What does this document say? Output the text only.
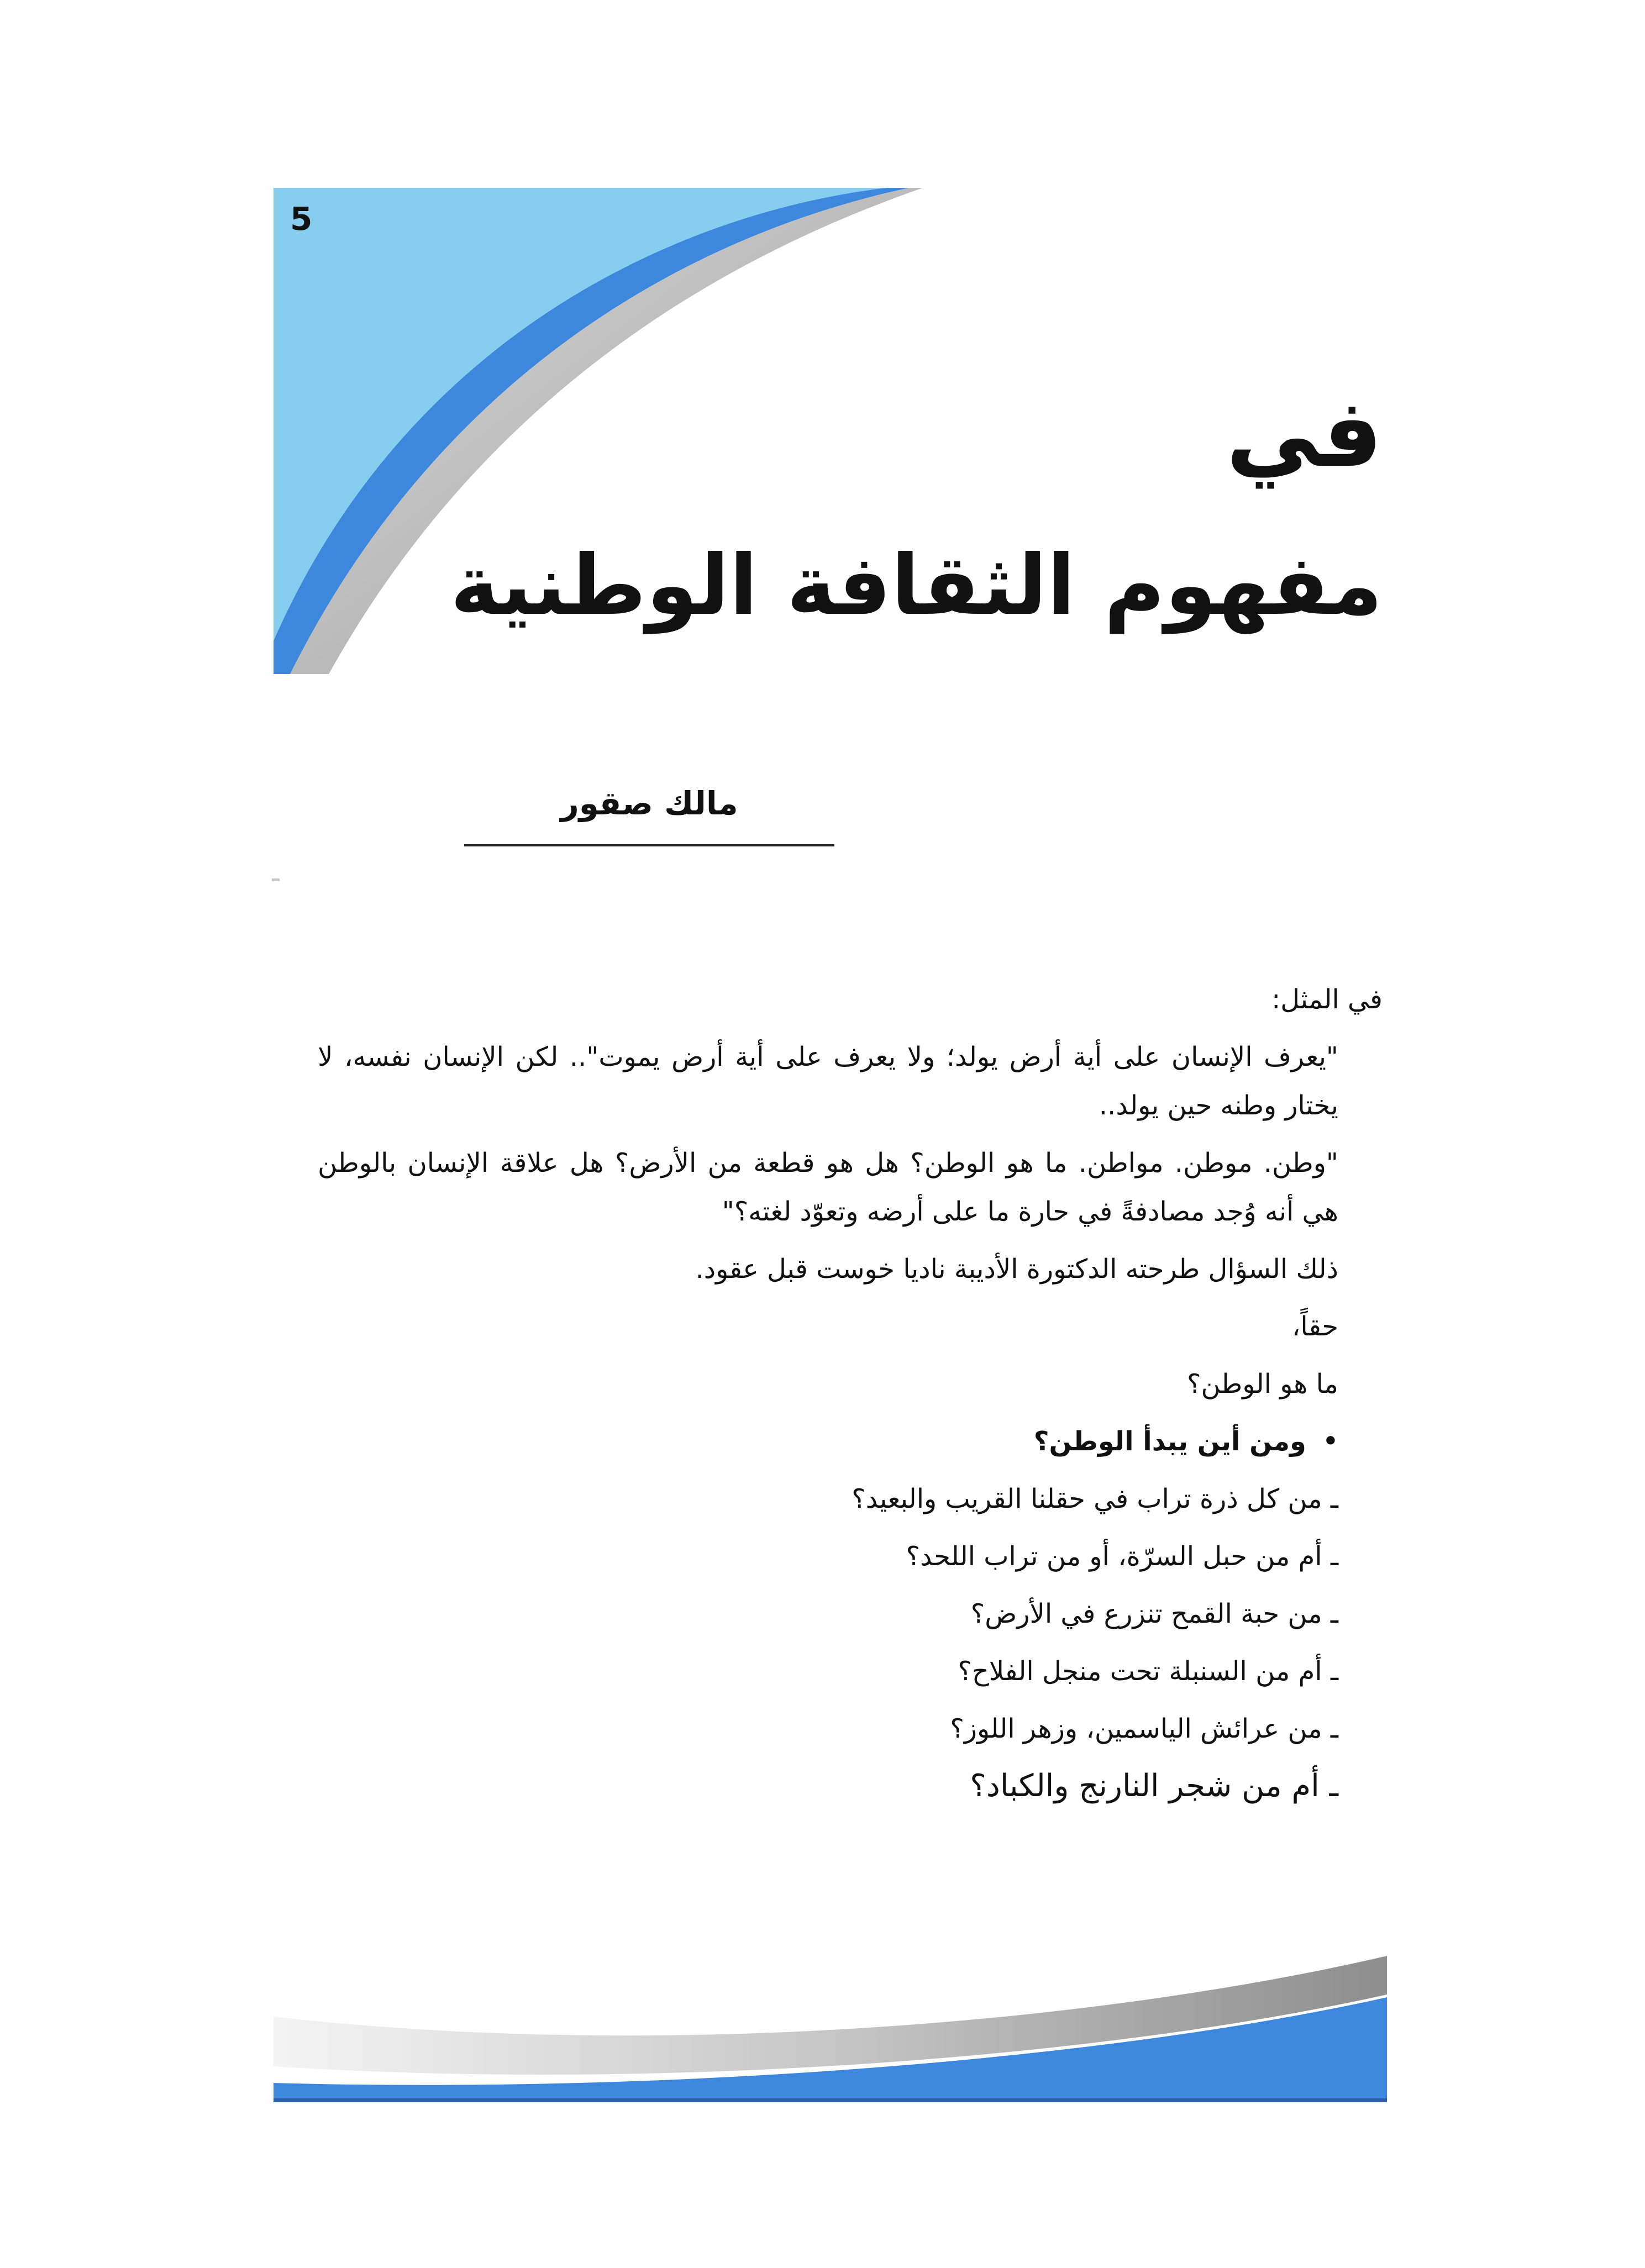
5
في
مفهوم الثقافة الوطنية
مالك صقور

في المثل:

"يعرف الإنسان على أية أرض يولد؛ ولا يعرف على أية أرض يموت".. لكن الإنسان نفسه، لا يختار وطنه حين يولد..

"وطن. موطن. مواطن. ما هو الوطن؟ هل هو قطعة من الأرض؟ هل علاقة الإنسان بالوطن هي أنه وُجد مصادفةً في حارة ما على أرضه وتعوّد لغته؟"

ذلك السؤال طرحته الدكتورة الأديبة ناديا خوست قبل عقود.

حقاً،

ما هو الوطن؟

•
ومن أين يبدأ الوطن؟

ـ من كل ذرة تراب في حقلنا القريب والبعيد؟

ـ أم من حبل السرّة، أو من تراب اللحد؟

ـ من حبة القمح تنزرع في الأرض؟

ـ أم من السنبلة تحت منجل الفلاح؟

ـ من عرائش الياسمين، وزهر اللوز؟

ـ أم من شجر النارنج والكباد؟
